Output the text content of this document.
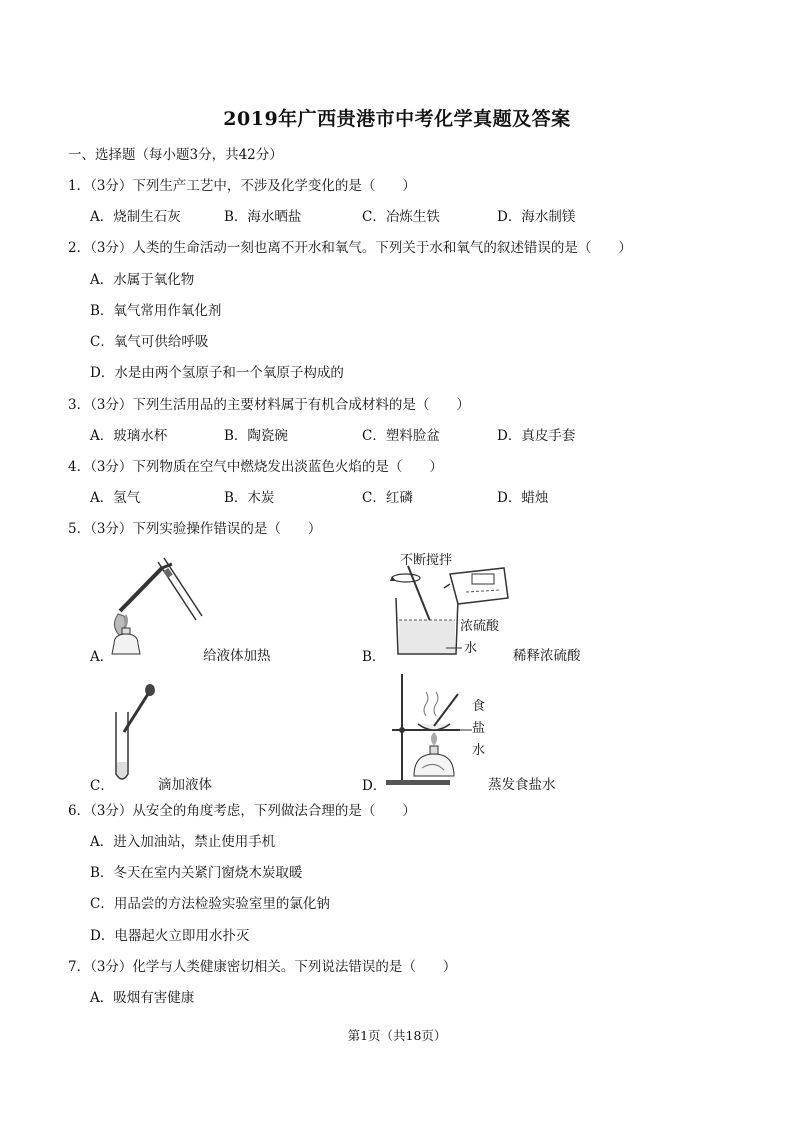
2019年广西贵港市中考化学真题及答案
一、选择题（每小题3分，共42分）
1．（3分）下列生产工艺中，不涉及化学变化的是（　　）
A．烧制生石灰	B．海水晒盐	C．冶炼生铁	D．海水制镁
2．（3分）人类的生命活动一刻也离不开水和氧气。下列关于水和氧气的叙述错误的是（　　）
A．水属于氧化物
B．氧气常用作氧化剂
C．氧气可供给呼吸
D．水是由两个氢原子和一个氧原子构成的
3．（3分）下列生活用品的主要材料属于有机合成材料的是（　　）
A．玻璃水杯	B．陶瓷碗	C．塑料脸盆	D．真皮手套
4．（3分）下列物质在空气中燃烧发出淡蓝色火焰的是（　　）
A．氢气	B．木炭	C．红磷	D．蜡烛
5．（3分）下列实验操作错误的是（　　）
A．	给液体加热
不断搅拌
浓硫酸
水
B．	稀释浓硫酸
C．	滴加液体
食
盐
水
D．	蒸发食盐水
6．（3分）从安全的角度考虑，下列做法合理的是（　　）
A．进入加油站，禁止使用手机
B．冬天在室内关紧门窗烧木炭取暖
C．用品尝的方法检验实验室里的氯化钠
D．电器起火立即用水扑灭
7．（3分）化学与人类健康密切相关。下列说法错误的是（　　）
A．吸烟有害健康
第1页（共18页）
